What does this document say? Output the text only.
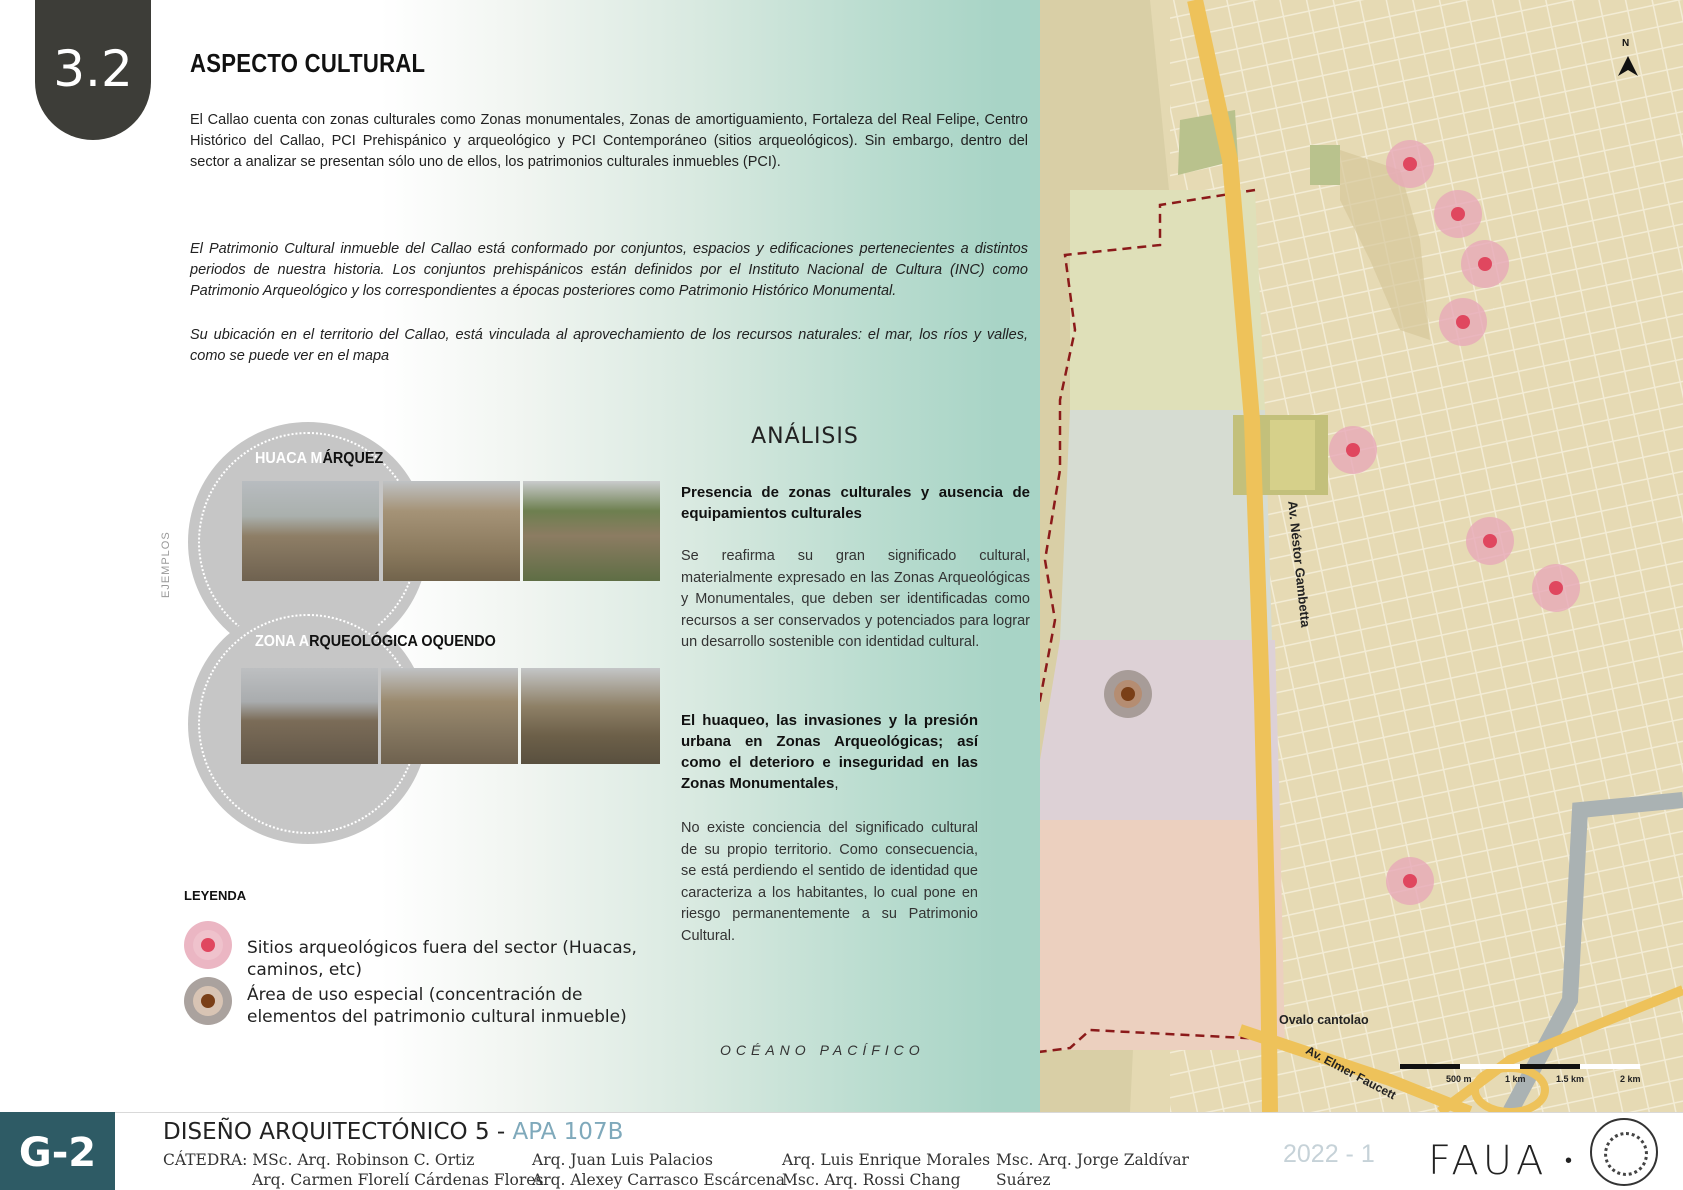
N
Av. Néstor Gambetta
Av. Elmer Faucett
Ovalo cantolao
500 m	1 km	1.5 km	2 km
3.2	ASPECTO CULTURAL
El Callao cuenta con zonas culturales como Zonas monumentales, Zonas de amortiguamiento, Fortaleza del Real Felipe, Centro Histórico del Callao, PCI Prehispánico y arqueológico y PCI Contemporáneo (sitios arqueológicos). Sin embargo, dentro del sector a analizar se presentan sólo uno de ellos, los patrimonios culturales inmuebles (PCI).
El Patrimonio Cultural inmueble del Callao está conformado por conjuntos, espacios y edificaciones pertenecientes a distintos periodos de nuestra historia. Los conjuntos prehispánicos están definidos por el Instituto Nacional de Cultura (INC) como Patrimonio Arqueológico y los correspondientes a épocas posteriores como Patrimonio Histórico Monumental.
Su ubicación en el territorio del Callao, está vinculada al aprovechamiento de los recursos naturales: el mar, los ríos y valles, como se puede ver en el mapa
EJEMPLOS
HUACA MÁRQUEZ
ZONA ARQUEOLÓGICA OQUENDO
ANÁLISIS
Presencia de zonas culturales y ausencia de equipamientos culturales
Se reafirma su gran significado cultural, materialmente expresado en las Zonas Arqueológicas y Monumentales, que deben ser identificadas como recursos a ser conservados y potenciados para lograr un desarrollo sostenible con identidad cultural.
El huaqueo, las invasiones y la presión urbana en Zonas Arqueológicas; así como el deterioro e inseguridad en las Zonas Monumentales,
No existe conciencia del significado cultural de su propio territorio. Como consecuencia, se está perdiendo el sentido de identidad que caracteriza a los habitantes, lo cual pone en riesgo permanentemente a su Patrimonio Cultural.
LEYENDA
Sitios arqueológicos fuera del sector (Huacas, caminos, etc)
Área de uso especial (concentración de elementos del patrimonio cultural inmueble)
OCÉANO PACÍFICO
G-2	DISEÑO ARQUITECTÓNICO 5 - APA 107B
CÁTEDRA: MSc. Arq. Robinson C. Ortiz
Arq. Carmen Florelí Cárdenas Flores
Arq. Juan Luis Palacios
Arq. Alexey Carrasco Escárcena
Arq. Luis Enrique Morales
Msc. Arq. Rossi Chang
Msc. Arq. Jorge Zaldívar
Suárez
2022 - 1 FAUA •
